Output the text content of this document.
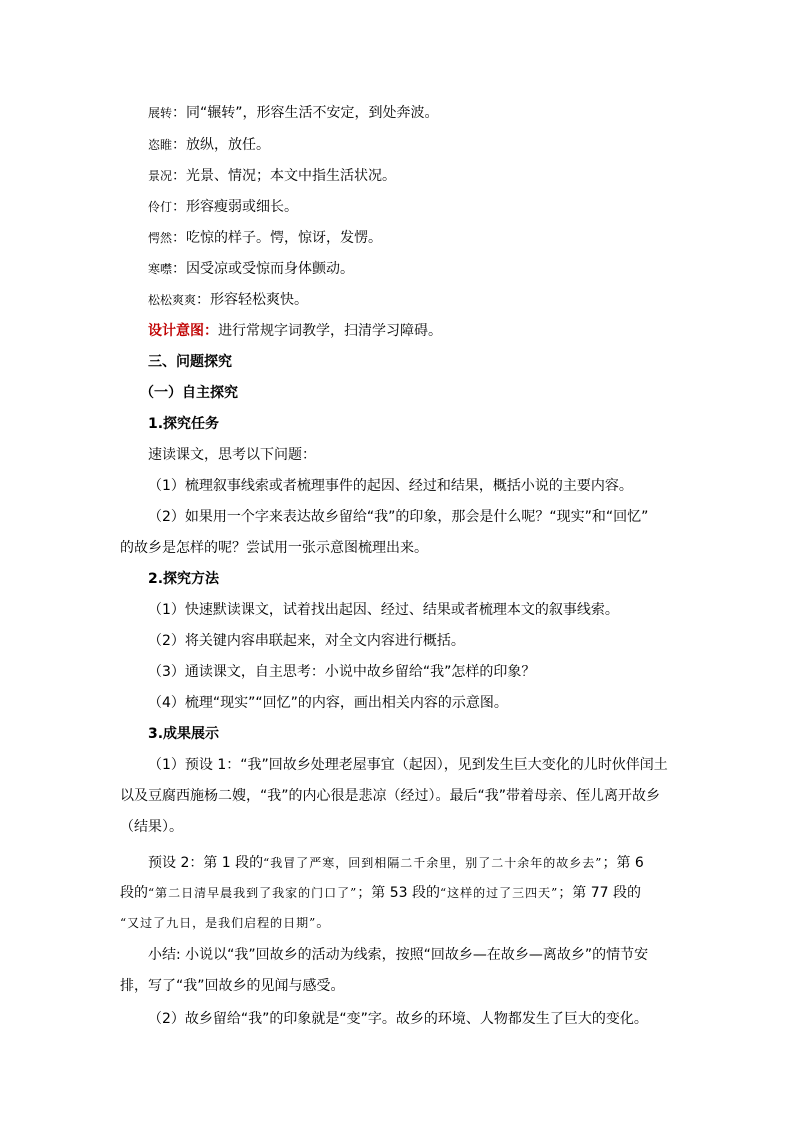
展转：同“辗转”，形容生活不安定，到处奔波。
恣睢：放纵，放任。
景况：光景、情况；本文中指生活状况。
伶仃：形容瘦弱或细长。
愕然：吃惊的样子。愕，惊讶，发愣。
寒噤：因受凉或受惊而身体颤动。
松松爽爽：形容轻松爽快。
设计意图：进行常规字词教学，扫清学习障碍。
三、问题探究
（一）自主探究
1.探究任务
速读课文，思考以下问题：
（1）梳理叙事线索或者梳理事件的起因、经过和结果，概括小说的主要内容。
（2）如果用一个字来表达故乡留给“我”的印象，那会是什么呢？“现实”和“回忆”
的故乡是怎样的呢？尝试用一张示意图梳理出来。
2.探究方法
（1）快速默读课文，试着找出起因、经过、结果或者梳理本文的叙事线索。
（2）将关键内容串联起来，对全文内容进行概括。
（3）通读课文，自主思考：小说中故乡留给“我”怎样的印象？
（4）梳理“现实”“回忆”的内容，画出相关内容的示意图。
3.成果展示
（1）预设 1：“我”回故乡处理老屋事宜（起因），见到发生巨大变化的儿时伙伴闰土
以及豆腐西施杨二嫂，“我”的内心很是悲凉（经过）。最后“我”带着母亲、侄儿离开故乡
（结果）。
预设 2：第 1 段的“我冒了严寒，回到相隔二千余里，别了二十余年的故乡去”；第 6
段的“第二日清早晨我到了我家的门口了”；第 53 段的“这样的过了三四天”；第 77 段的
“又过了九日，是我们启程的日期”。
小结: 小说以“我”回故乡的活动为线索，按照“回故乡—在故乡—离故乡”的情节安
排，写了“我”回故乡的见闻与感受。
（2）故乡留给“我”的印象就是“变”字。故乡的环境、人物都发生了巨大的变化。
